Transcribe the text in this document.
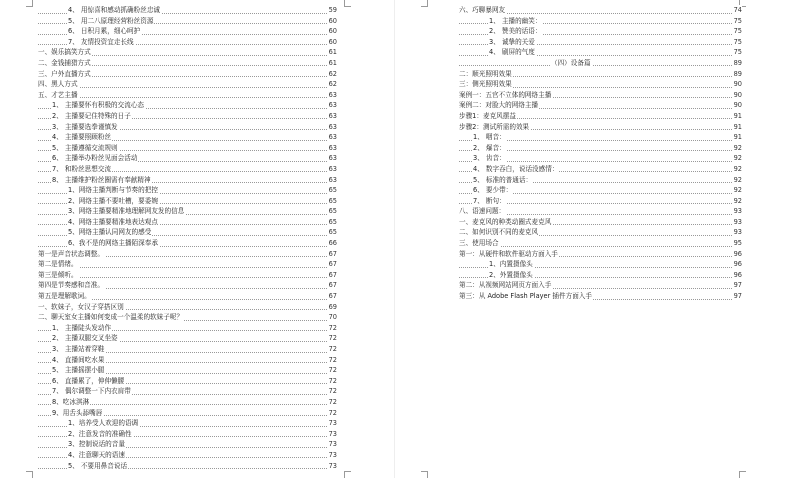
4、 用惊喜和感动抓确粉丝忠诚	59
5、 用二八原理经营粉丝资源	60
6、 日积月累，细心呵护	60
7、 友情投资宜走长线	60
一、娱乐搞笑方式	61
二、金钱捕猎方式	61
三、户外直播方式	62
四、黑人方式	62
五、才艺主播	63
1、 主播要怀有积极的交流心态	63
2、 主播要记住特殊的日子	63
3、 主播要选拳谨慎发	63
4、 主播要照顾粉丝	63
5、 主播遵循交流规则	63
6、 主播举办粉丝见面会活动	63
7、 和粉丝思想交流	63
8、 主播维护粉丝圈需有奉献精神	63
1、网络主播判断与节奏的把控	65
2、网络主播不要吐槽，要委婉	65
3、网络主播要精准地理解网友发的信息	65
4、网络主播要精准地表达观点	65
5、网络主播认同网友的感受	65
6、我不是的网络主播陌深奉承	66
第一是声音状态调整。	67
第二是情绪。	67
第三是倾听。	67
第四是节奏感和音准。	67
第五是理解歌词。	67
一、软妹子，女汉子穿搭区别	69
二、聊天室女主播如何变成一个温柔的软妹子呢？	70
1、 主播陡头发动作	72
2、 主播双腿交叉坐姿	72
3、 主播站着穿鞋	72
4、 直播间吃水果	72
5、 主播摇摆小腿	72
6、 直播累了，伸伸懒腰	72
7、 偶尔调整一下内衣肩带	72
8、吃冰淇淋	72
9、用舌头舔嘴唇	72
1、培养受人欢迎的语调	73
2、注意发音的准确性	73
3、控制说话的音量	73
4、注意聊天的语速	73
5、 不要用鼻音说话	73
六、巧聊暴网友	74
1、 主播的幽笑：	75
2、 赞美的话语：	75
3、 诚挚的关爱	75
4、 刷屏的气度	75
（四）设备篇	89
二：顺光照明效果	89
三：侧光照明效果	90
案例一：五官不立体的网络主播	90
案例二：对脸大的网络主播	90
步骤1：麦克风摆益	91
步骤2：测试所需的效果	91
1、 咽音：	91
2、 爆音：	92
3、 齿音：	92
4、 数字吞白，说话没感情：	92
5、 标准的普通话：	92
6、 要少带：	92
7、 断句：	92
八、语速问题：	93
一、麦克风的种类动圈式麦克风	93
二、如何识别不同的麦克风	93
三、使用场合	95
第一：从硬件和软件驱动方面入手	96
1、内置摄像头	96
2、外置摄像头	96
第二：从视频网站网页方面入手	97
第三：从 Adobe Flash Player 插件方面入手	97
